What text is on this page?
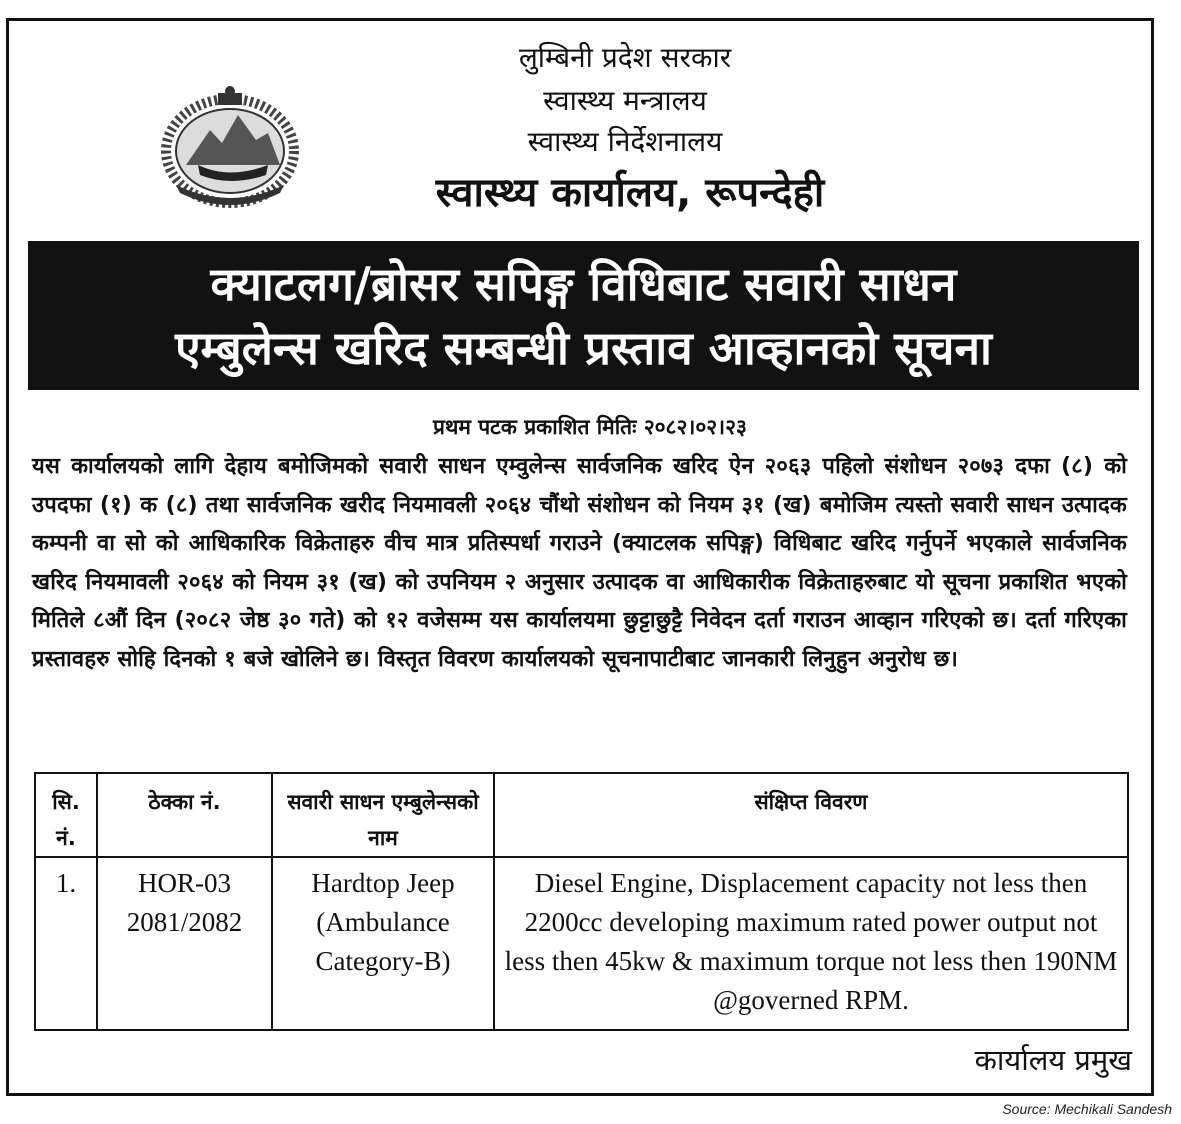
लुम्बिनी प्रदेश सरकार
स्वास्थ्य मन्त्रालय
स्वास्थ्य निर्देशनालय
स्वास्थ्य कार्यालय, रूपन्देही
क्याटलग/ब्रोसर सपिङ्ग विधिबाट सवारी साधन
एम्बुलेन्स खरिद सम्बन्धी प्रस्ताव आव्हानको सूचना
प्रथम पटक प्रकाशित मितिः २०८२।०२।२३
यस कार्यालयको लागि देहाय बमोजिमको सवारी साधन एम्वुलेन्स सार्वजनिक खरिद ऐन २०६३ पहिलो संशोधन २०७३ दफा (८) को उपदफा (१) क (८) तथा सार्वजनिक खरीद नियमावली २०६४ चौंथो संशोधन को नियम ३१ (ख) बमोजिम त्यस्तो सवारी साधन उत्पादक कम्पनी वा सो को आधिकारिक विक्रेताहरु वीच मात्र प्रतिस्पर्धा गराउने (क्याटलक सपिङ्ग) विधिबाट खरिद गर्नुपर्ने भएकाले सार्वजनिक खरिद नियमावली २०६४ को नियम ३१ (ख) को उपनियम २ अनुसार उत्पादक वा आधिकारीक विक्रेताहरुबाट यो सूचना प्रकाशित भएको मितिले ८औं दिन (२०८२ जेष्ठ ३० गते) को १२ वजेसम्म यस कार्यालयमा छुट्टाछुट्टै निवेदन दर्ता गराउन आव्हान गरिएको छ। दर्ता गरिएका प्रस्तावहरु सोहि दिनको १ बजे खोलिने छ। विस्तृत विवरण कार्यालयको सूचनापाटीबाट जानकारी लिनुहुन अनुरोध छ।
सि. नं.	ठेक्का नं.	सवारी साधन एम्बुलेन्सको नाम	संक्षिप्त विवरण
1.	HOR-03 2081/2082	Hardtop Jeep (Ambulance Category-B)	Diesel Engine, Displacement capacity not less then 2200cc developing maximum rated power output not less then 45kw & maximum torque not less then 190NM @governed RPM.
कार्यालय प्रमुख
Source: Mechikali Sandesh
